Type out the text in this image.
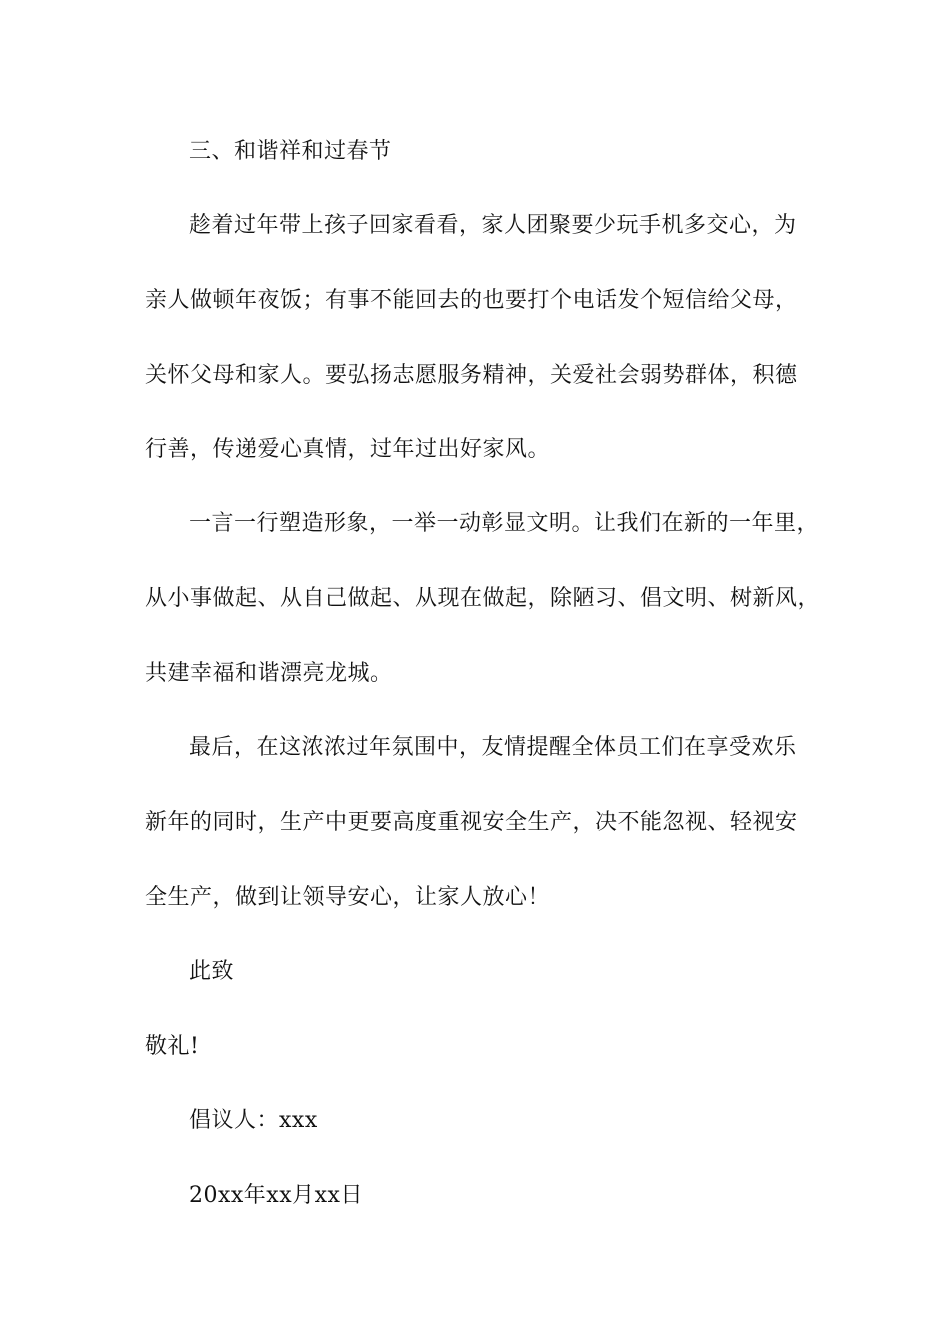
三、和谐祥和过春节
趁着过年带上孩子回家看看，家人团聚要少玩手机多交心，为
亲人做顿年夜饭；有事不能回去的也要打个电话发个短信给父母，
关怀父母和家人。要弘扬志愿服务精神，关爱社会弱势群体，积德
行善，传递爱心真情，过年过出好家风。
一言一行塑造形象，一举一动彰显文明。让我们在新的一年里，
从小事做起、从自己做起、从现在做起，除陋习、倡文明、树新风，
共建幸福和谐漂亮龙城。
最后，在这浓浓过年氛围中，友情提醒全体员工们在享受欢乐
新年的同时，生产中更要高度重视安全生产，决不能忽视、轻视安
全生产，做到让领导安心，让家人放心！
此致
敬礼!
倡议人：xxx
20xx年xx月xx日
